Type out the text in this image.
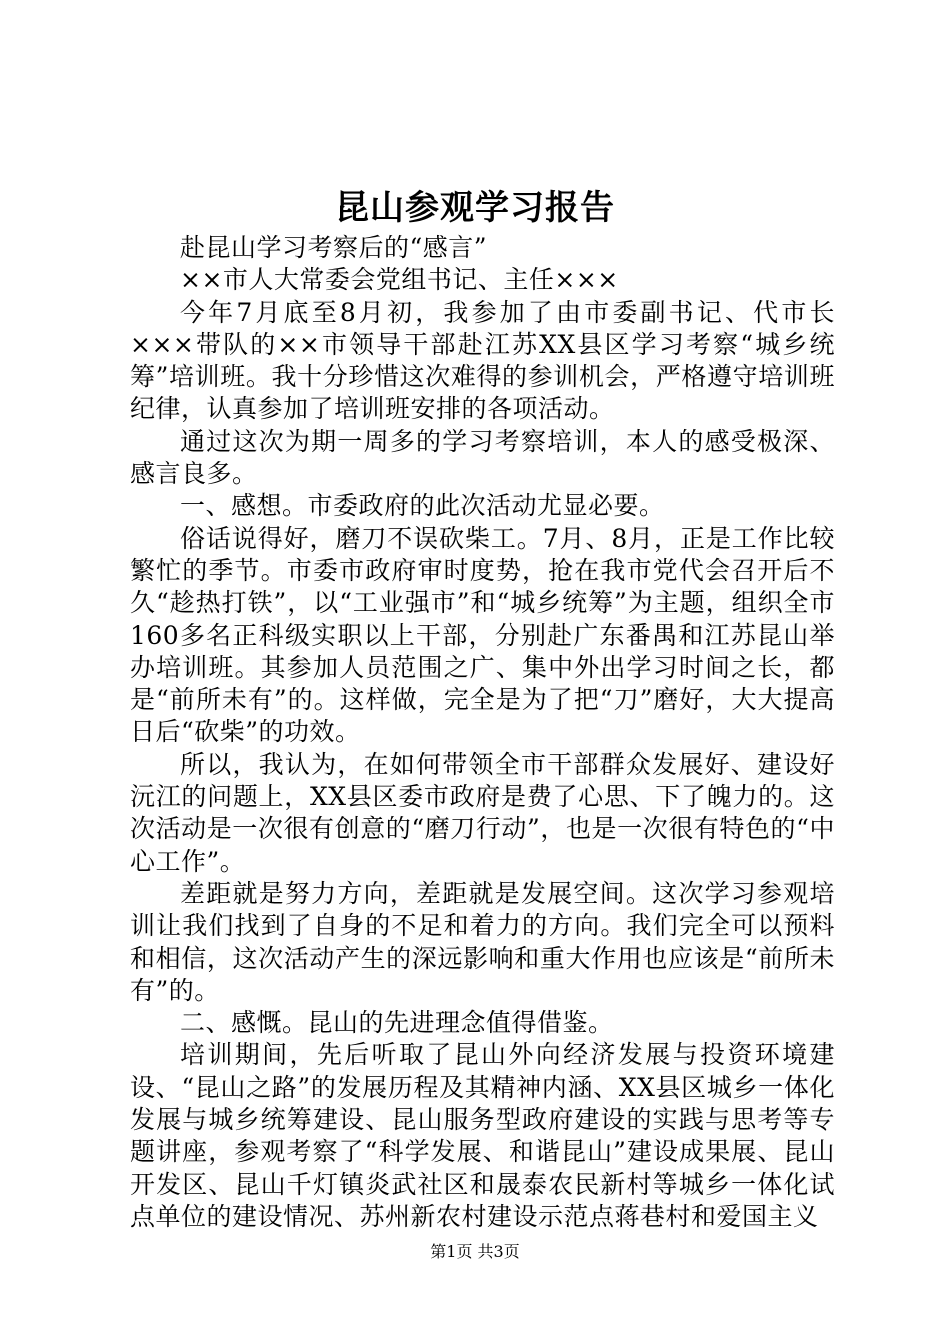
昆山参观学习报告

赴昆山学习考察后的“感言”

××市人大常委会党组书记、主任×××

今年7月底至8月初，我参加了由市委副书记、代市长×××带队的××市领导干部赴江苏XX县区学习考察“城乡统筹”培训班。我十分珍惜这次难得的参训机会，严格遵守培训班纪律，认真参加了培训班安排的各项活动。

通过这次为期一周多的学习考察培训，本人的感受极深、感言良多。

一、感想。市委政府的此次活动尤显必要。

俗话说得好，磨刀不误砍柴工。7月、8月，正是工作比较繁忙的季节。市委市政府审时度势，抢在我市党代会召开后不久“趁热打铁”，以“工业强市”和“城乡统筹”为主题，组织全市160多名正科级实职以上干部，分别赴广东番禺和江苏昆山举办培训班。其参加人员范围之广、集中外出学习时间之长，都是“前所未有”的。这样做，完全是为了把“刀”磨好，大大提高日后“砍柴”的功效。

所以，我认为，在如何带领全市干部群众发展好、建设好沅江的问题上，XX县区委市政府是费了心思、下了魄力的。这次活动是一次很有创意的“磨刀行动”，也是一次很有特色的“中心工作”。

差距就是努力方向，差距就是发展空间。这次学习参观培训让我们找到了自身的不足和着力的方向。我们完全可以预料和相信，这次活动产生的深远影响和重大作用也应该是“前所未有”的。

二、感慨。昆山的先进理念值得借鉴。

培训期间，先后听取了昆山外向经济发展与投资环境建设、“昆山之路”的发展历程及其精神内涵、XX县区城乡一体化发展与城乡统筹建设、昆山服务型政府建设的实践与思考等专题讲座，参观考察了“科学发展、和谐昆山”建设成果展、昆山开发区、昆山千灯镇炎武社区和晟泰农民新村等城乡一体化试点单位的建设情况、苏州新农村建设示范点蒋巷村和爱国主义

第1页 共3页
